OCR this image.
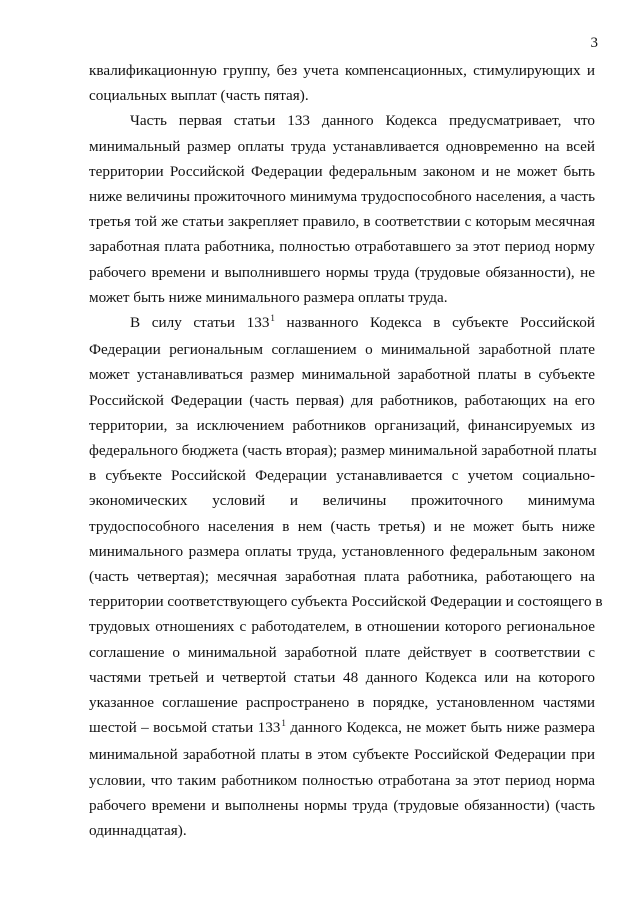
3
квалификационную группу, без учета компенсационных, стимулирующих и
социальных выплат (часть пятая).
Часть первая статьи 133 данного Кодекса предусматривает, что
минимальный размер оплаты труда устанавливается одновременно на всей
территории Российской Федерации федеральным законом и не может быть
ниже величины прожиточного минимума трудоспособного населения, а часть
третья той же статьи закрепляет правило, в соответствии с которым месячная
заработная плата работника, полностью отработавшего за этот период норму
рабочего времени и выполнившего нормы труда (трудовые обязанности), не
может быть ниже минимального размера оплаты труда.
В силу статьи $133^1$ названного Кодекса в субъекте Российской
Федерации региональным соглашением о минимальной заработной плате
может устанавливаться размер минимальной заработной платы в субъекте
Российской Федерации (часть первая) для работников, работающих на его
территории, за исключением работников организаций, финансируемых из
федерального бюджета (часть вторая); размер минимальной заработной платы
в субъекте Российской Федерации устанавливается с учетом социально-
экономических условий и величины прожиточного минимума
трудоспособного населения в нем (часть третья) и не может быть ниже
минимального размера оплаты труда, установленного федеральным законом
(часть четвертая); месячная заработная плата работника, работающего на
территории соответствующего субъекта Российской Федерации и состоящего в
трудовых отношениях с работодателем, в отношении которого региональное
соглашение о минимальной заработной плате действует в соответствии с
частями третьей и четвертой статьи 48 данного Кодекса или на которого
указанное соглашение распространено в порядке, установленном частями
шестой – восьмой статьи $133^1$ данного Кодекса, не может быть ниже размера
минимальной заработной платы в этом субъекте Российской Федерации при
условии, что таким работником полностью отработана за этот период норма
рабочего времени и выполнены нормы труда (трудовые обязанности) (часть
одиннадцатая).
